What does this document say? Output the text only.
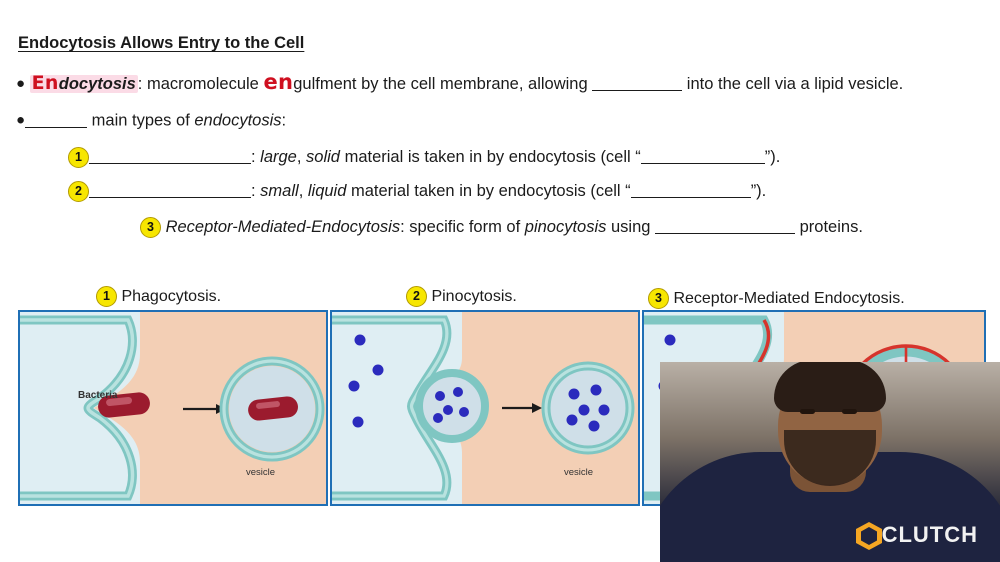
Endocytosis Allows Entry to the Cell
● Endocytosis : macromolecule engulfment by the cell membrane, allowing	into the cell via a lipid vesicle.
●	main types of endocytosis:
1	: large, solid material is taken in by endocytosis (cell “	”).
2	: small, liquid material taken in by endocytosis (cell “	”).
3 Receptor-Mediated-Endocytosis: specific form of pinocytosis using	proteins.
1 Phagocytosis.	2 Pinocytosis.	3 Receptor-Mediated Endocytosis.
Bacteria
vesicle	vesicle
CLUTCH
